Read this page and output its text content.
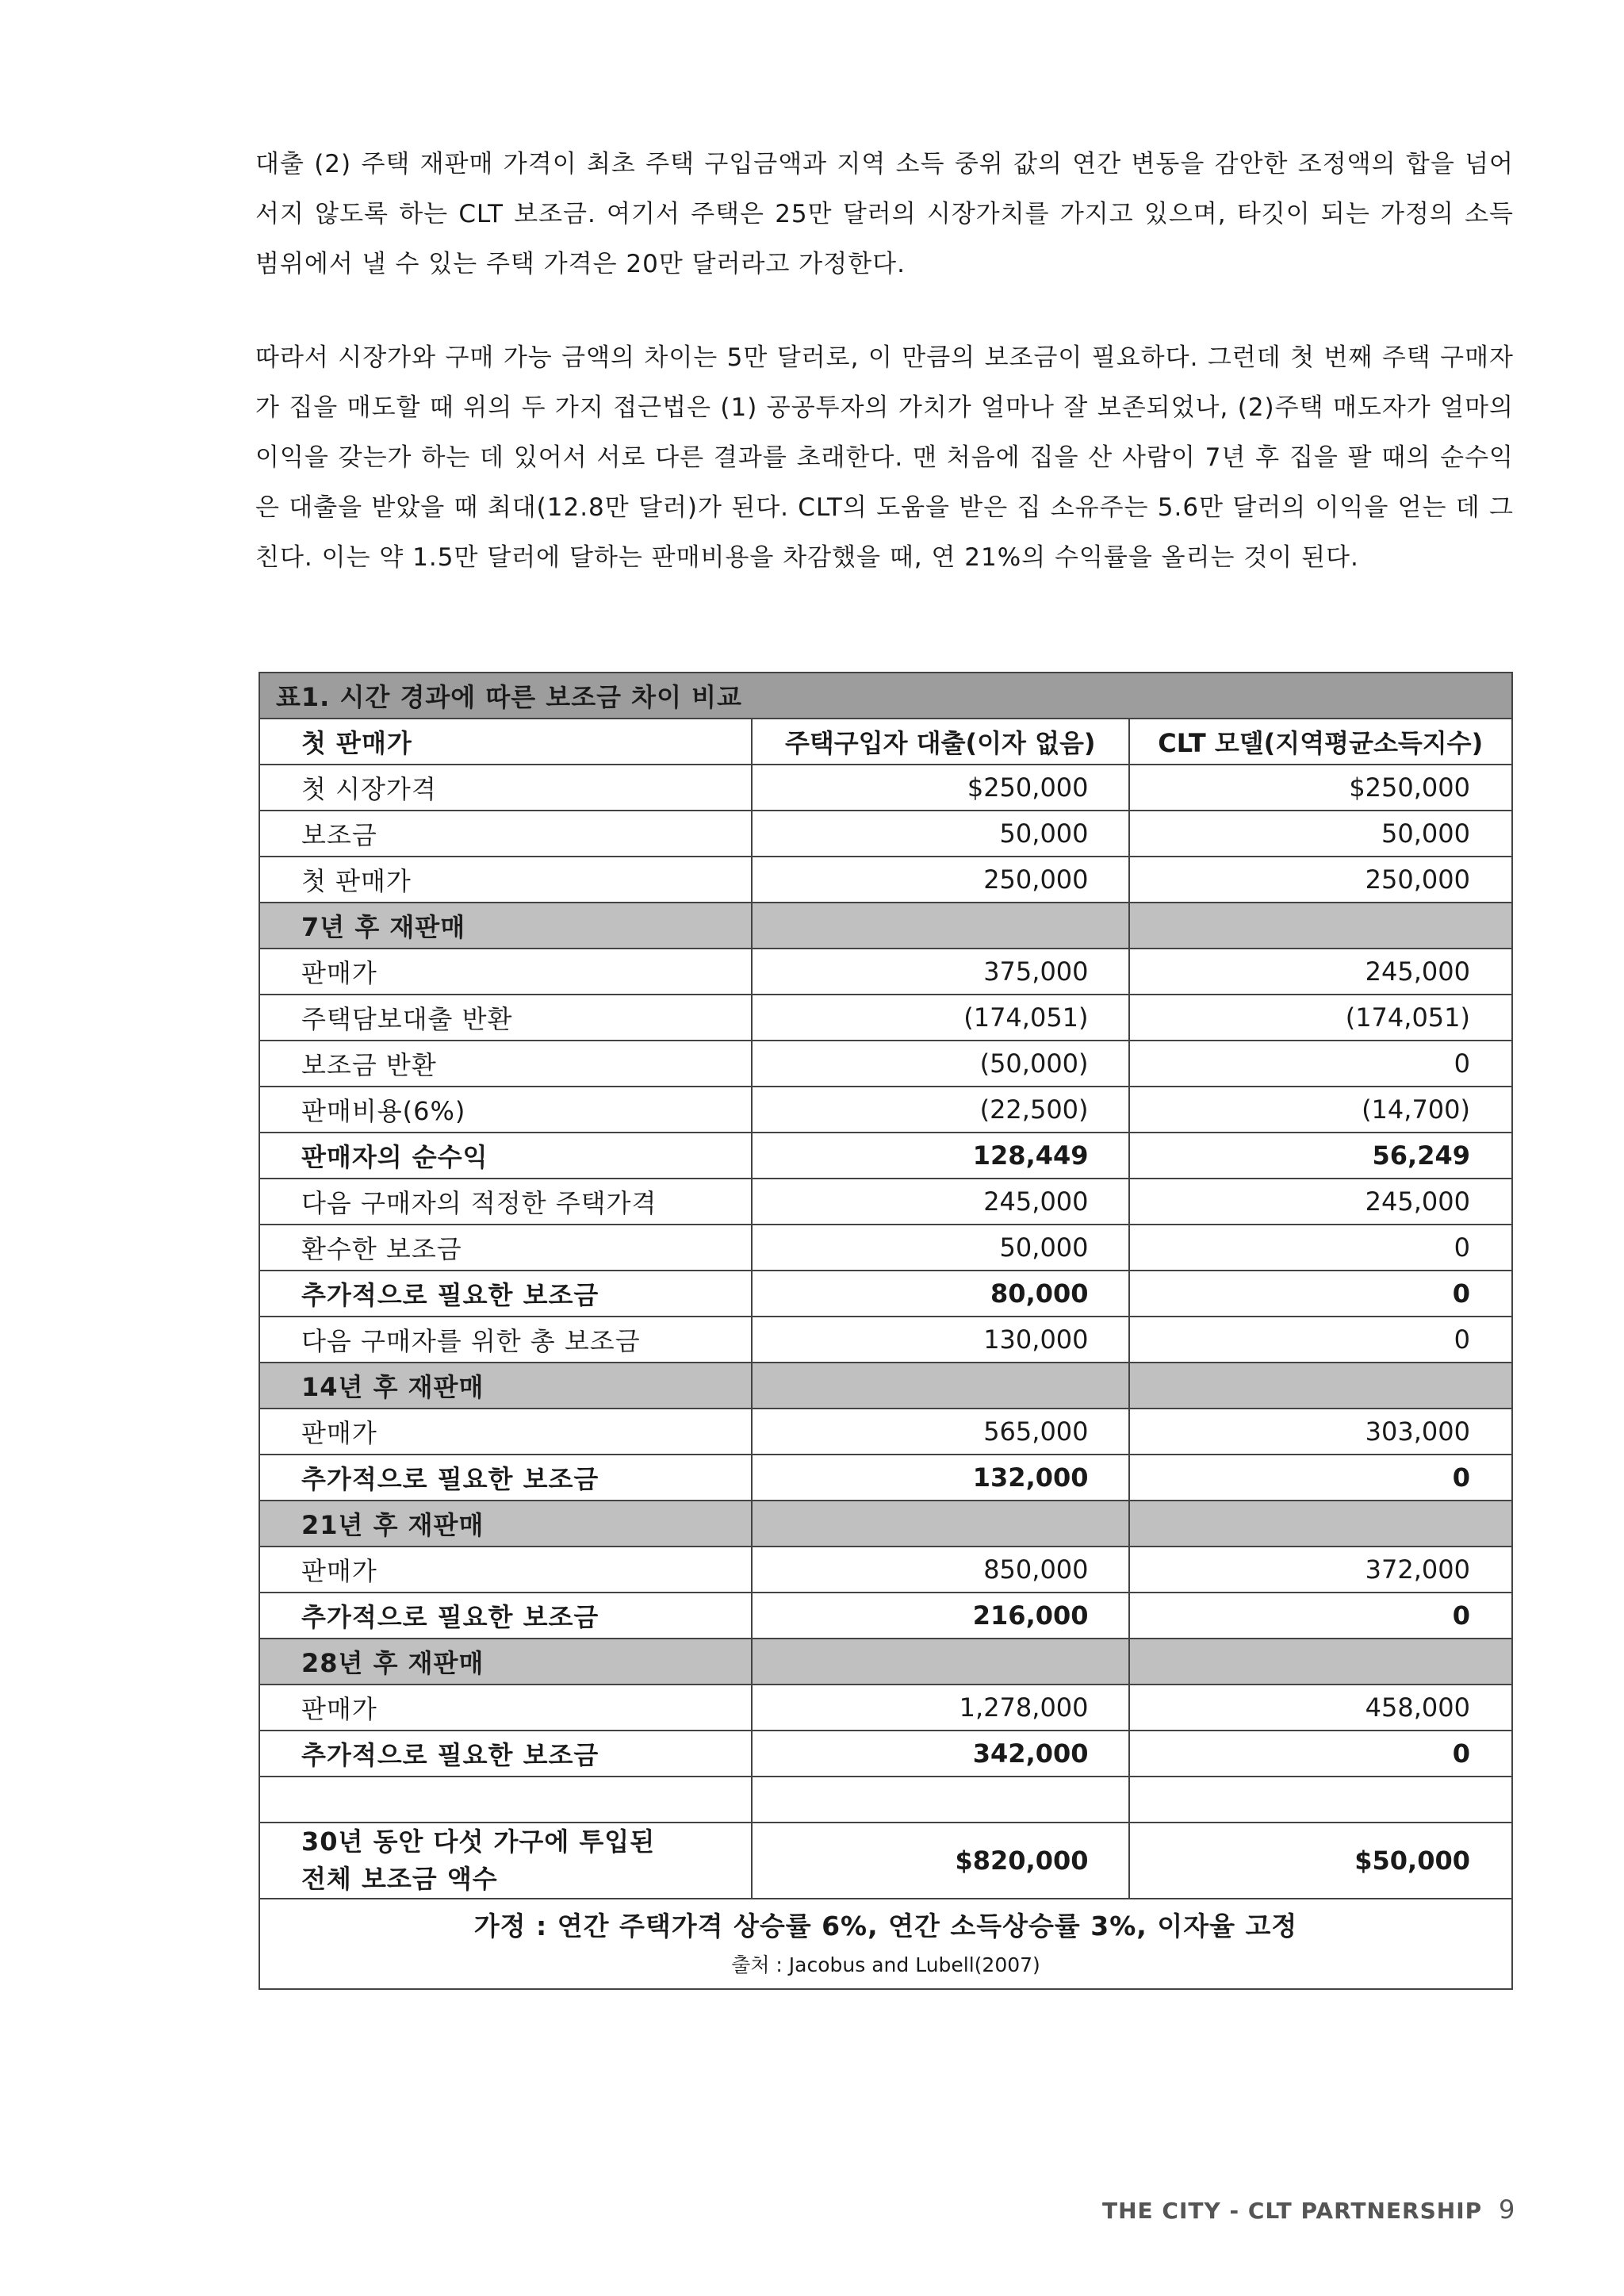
대출 (2) 주택 재판매 가격이 최초 주택 구입금액과 지역 소득 중위 값의 연간 변동을 감안한 조정액의 합을 넘어서지 않도록 하는 CLT 보조금. 여기서 주택은 25만 달러의 시장가치를 가지고 있으며, 타깃이 되는 가정의 소득 범위에서 낼 수 있는 주택 가격은 20만 달러라고 가정한다.

따라서 시장가와 구매 가능 금액의 차이는 5만 달러로, 이 만큼의 보조금이 필요하다. 그런데 첫 번째 주택 구매자가 집을 매도할 때 위의 두 가지 접근법은 (1) 공공투자의 가치가 얼마나 잘 보존되었나, (2)주택 매도자가 얼마의 이익을 갖는가 하는 데 있어서 서로 다른 결과를 초래한다. 맨 처음에 집을 산 사람이 7년 후 집을 팔 때의 순수익은 대출을 받았을 때 최대(12.8만 달러)가 된다. CLT의 도움을 받은 집 소유주는 5.6만 달러의 이익을 얻는 데 그친다. 이는 약 1.5만 달러에 달하는 판매비용을 차감했을 때, 연 21%의 수익률을 올리는 것이 된다.

표1. 시간 경과에 따른 보조금 차이 비교		
첫 판매가	주택구입자 대출(이자 없음)	CLT 모델(지역평균소득지수)
첫 시장가격	$250,000	$250,000
보조금	50,000	50,000
첫 판매가	250,000	250,000
7년 후 재판매		
판매가	375,000	245,000
주택담보대출 반환	(174,051)	(174,051)
보조금 반환	(50,000)	0
판매비용(6%)	(22,500)	(14,700)
판매자의 순수익	128,449	56,249
다음 구매자의 적정한 주택가격	245,000	245,000
환수한 보조금	50,000	0
추가적으로 필요한 보조금	80,000	0
다음 구매자를 위한 총 보조금	130,000	0
14년 후 재판매		
판매가	565,000	303,000
추가적으로 필요한 보조금	132,000	0
21년 후 재판매		
판매가	850,000	372,000
추가적으로 필요한 보조금	216,000	0
28년 후 재판매		
판매가	1,278,000	458,000
추가적으로 필요한 보조금	342,000	0

30년 동안 다섯 가구에 투입된
전체 보조금 액수	$820,000	$50,000

가정 : 연간 주택가격 상승률 6%, 연간 소득상승률 3%, 이자율 고정
출처 : Jacobus and Lubell(2007)		
THE CITY - CLT PARTNERSHIP 9
